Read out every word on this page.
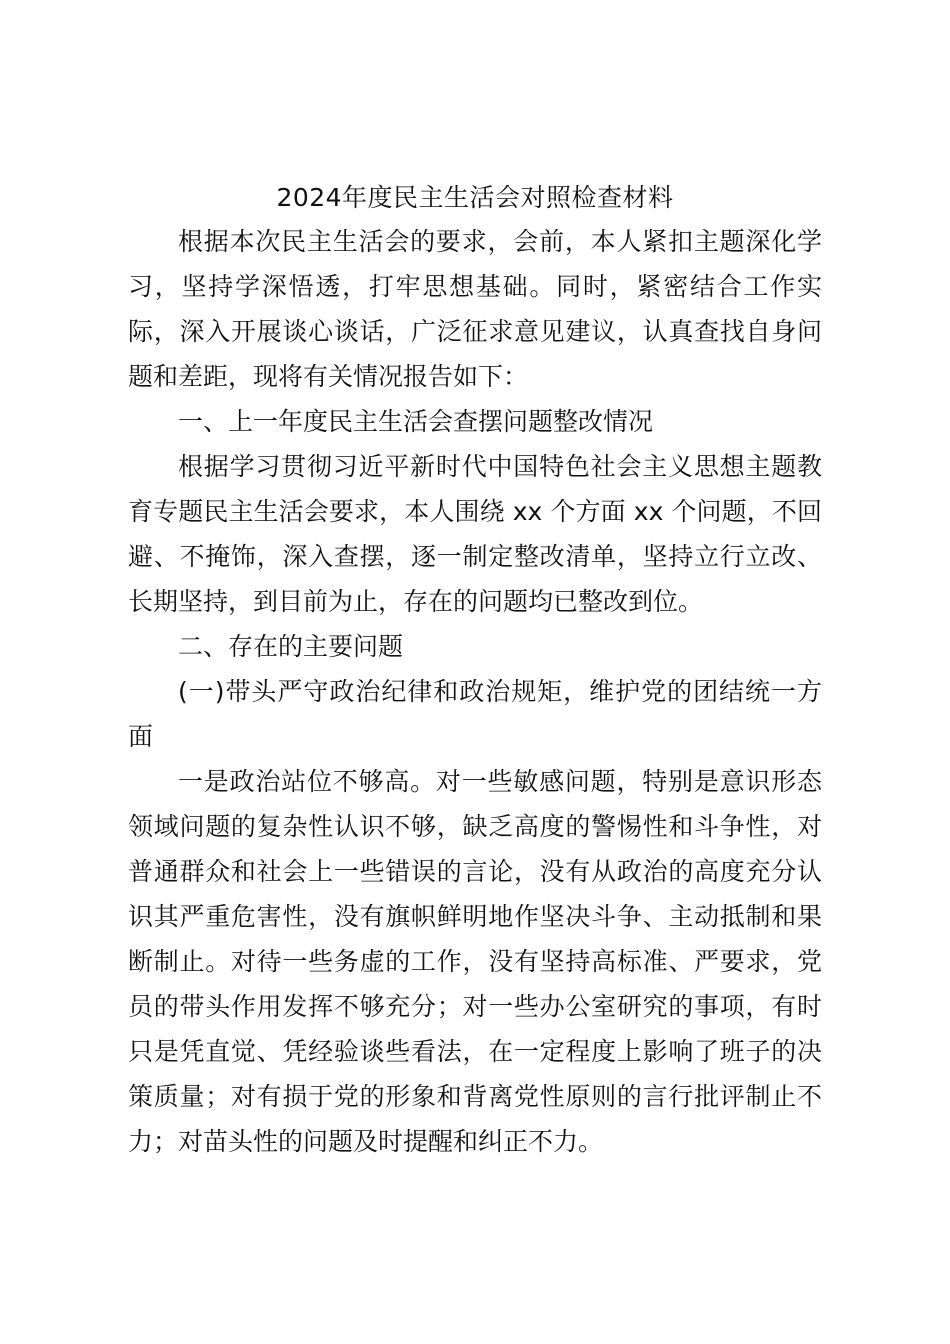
2024年度民主生活会对照检查材料
根据本次民主生活会的要求，会前，本人紧扣主题深化学
习，坚持学深悟透，打牢思想基础。同时，紧密结合工作实
际，深入开展谈心谈话，广泛征求意见建议，认真查找自身问
题和差距，现将有关情况报告如下：
一、上一年度民主生活会查摆问题整改情况
根据学习贯彻习近平新时代中国特色社会主义思想主题教
育专题民主生活会要求，本人围绕 xx 个方面 xx 个问题，不回
避、不掩饰，深入查摆，逐一制定整改清单，坚持立行立改、
长期坚持，到目前为止，存在的问题均已整改到位。
二、存在的主要问题
(一)带头严守政治纪律和政治规矩，维护党的团结统一方
面
一是政治站位不够高。对一些敏感问题，特别是意识形态
领域问题的复杂性认识不够，缺乏高度的警惕性和斗争性，对
普通群众和社会上一些错误的言论，没有从政治的高度充分认
识其严重危害性，没有旗帜鲜明地作坚决斗争、主动抵制和果
断制止。对待一些务虚的工作，没有坚持高标准、严要求，党
员的带头作用发挥不够充分；对一些办公室研究的事项，有时
只是凭直觉、凭经验谈些看法，在一定程度上影响了班子的决
策质量；对有损于党的形象和背离党性原则的言行批评制止不
力；对苗头性的问题及时提醒和纠正不力。
